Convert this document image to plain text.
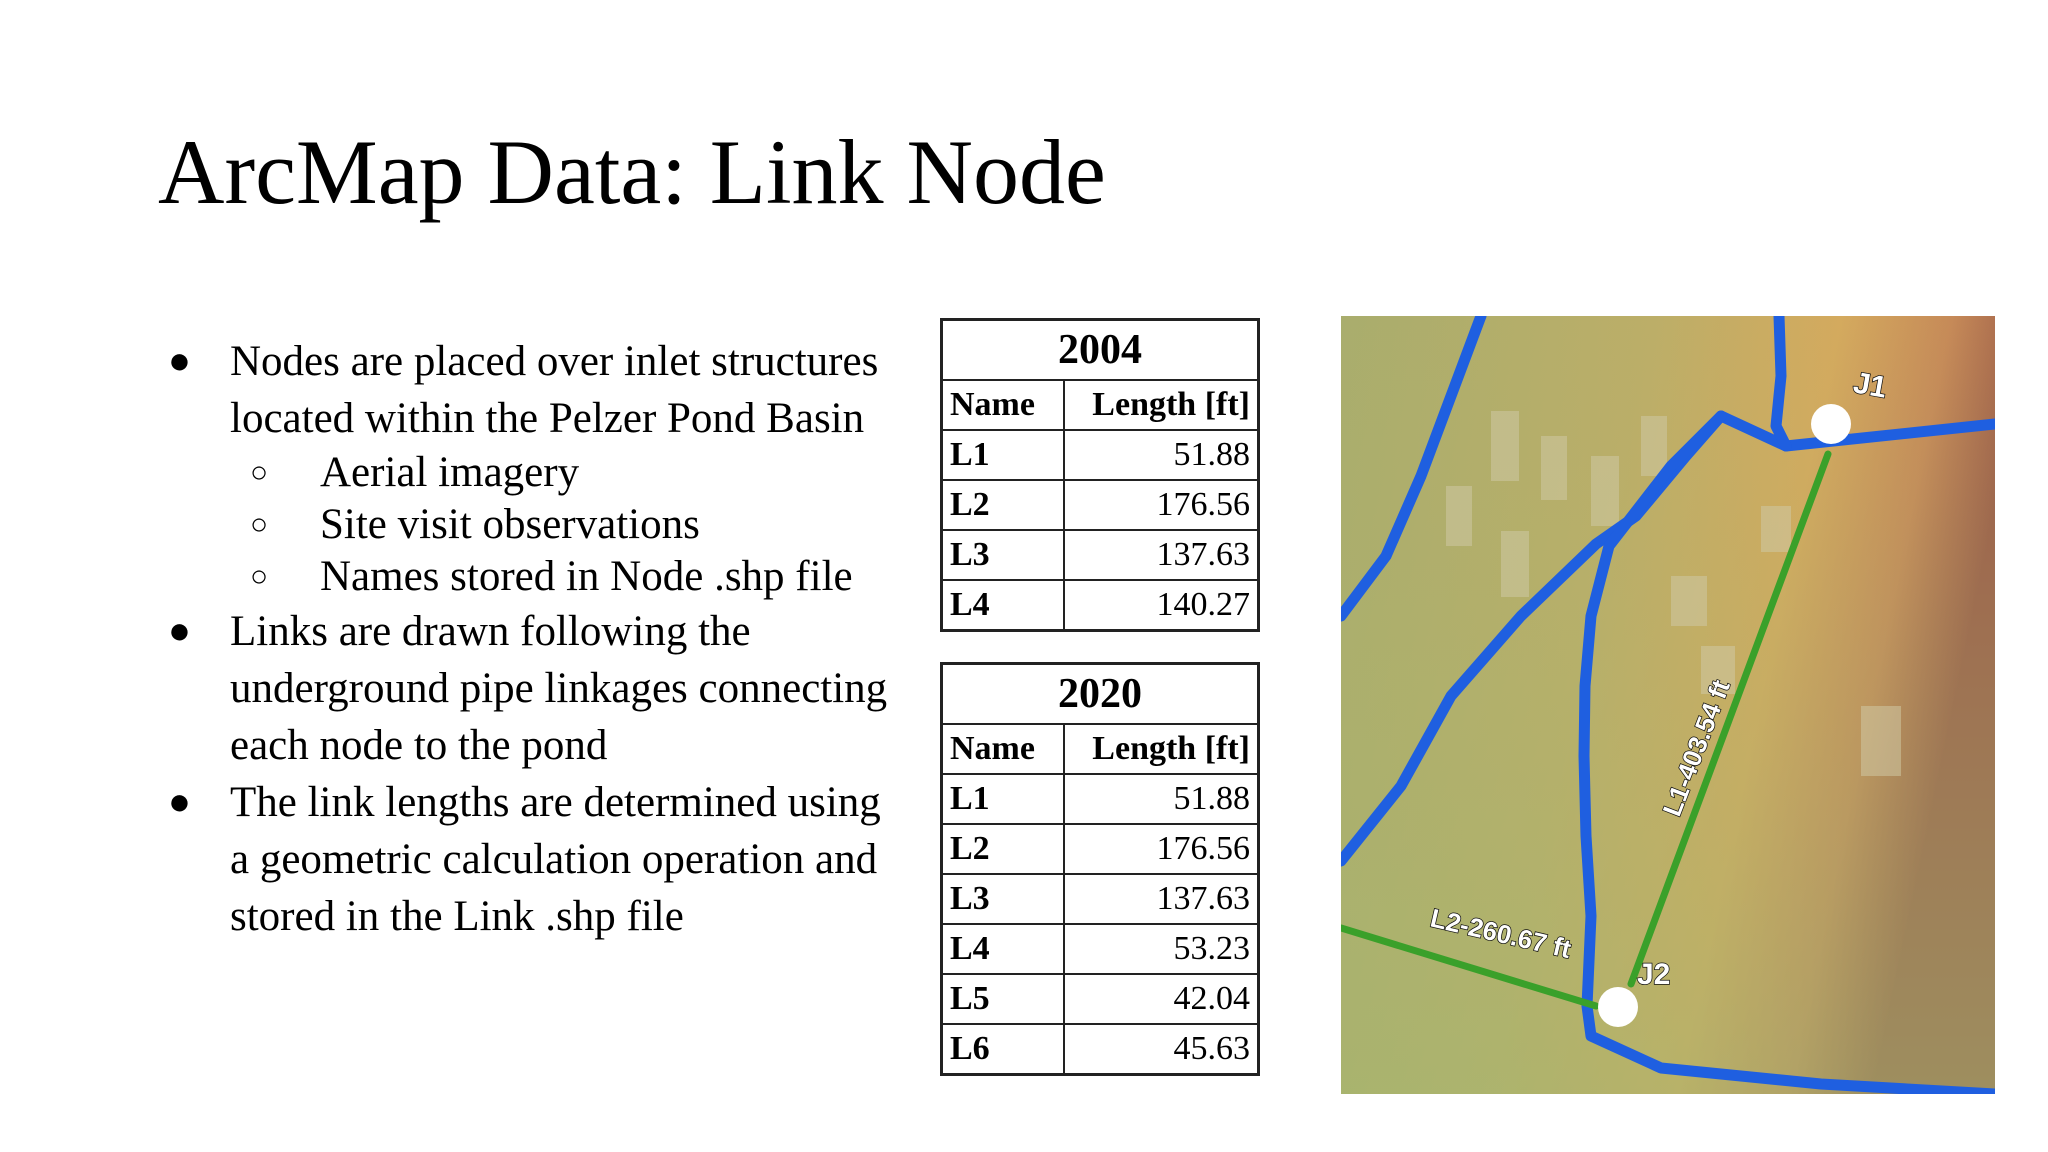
ArcMap Data: Link Node
● Nodes are placed over inlet structures located within the Pelzer Pond Basin
○	Aerial imagery
○	Site visit observations
○	Names stored in Node .shp file
● Links are drawn following the underground pipe linkages connecting each node to the pond
● The link lengths are determined using a geometric calculation operation and stored in the Link .shp file
2004	
Name	Length [ft]
L1	51.88
L2	176.56
L3	137.63
L4	140.27
2020	
Name	Length [ft]
L1	51.88
L2	176.56
L3	137.63
L4	53.23
L5	42.04
L6	45.63
J1
J2
L1-403.54 ft
L2-260.67 ft
